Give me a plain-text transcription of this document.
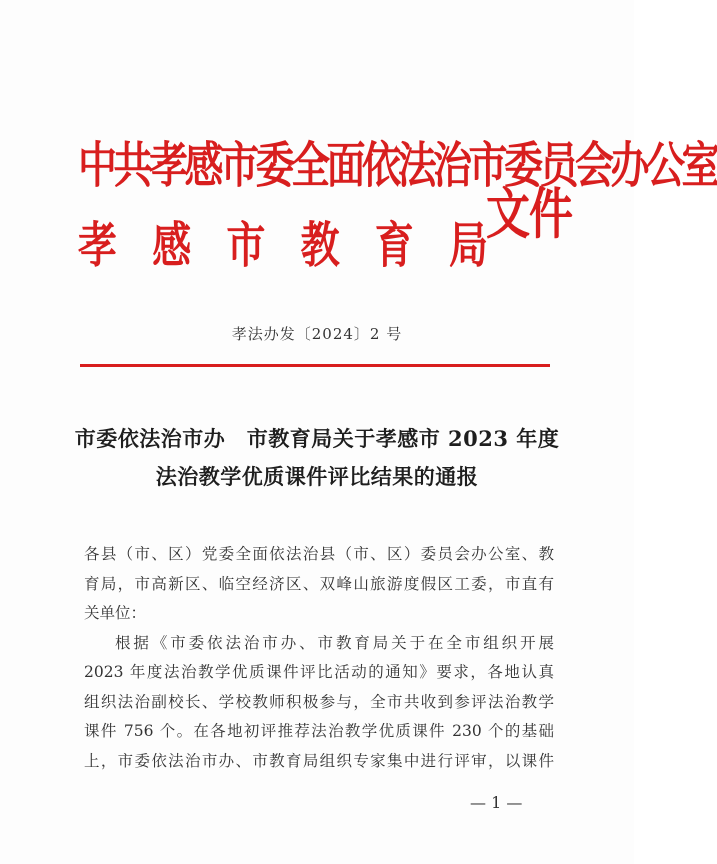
中共孝感市委全面依法治市委员会办公室
孝 感 市 教 育 局
文件
孝法办发〔2024〕2 号
市委依法治市办　市教育局关于孝感市 2023 年度
法治教学优质课件评比结果的通报

各县（市、区）党委全面依法治县（市、区）委员会办公室、教
育局，市高新区、临空经济区、双峰山旅游度假区工委，市直有
关单位：

根据《市委依法治市办、市教育局关于在全市组织开展
2023 年度法治教学优质课件评比活动的通知》要求，各地认真
组织法治副校长、学校教师积极参与，全市共收到参评法治教学
课件 756 个。在各地初评推荐法治教学优质课件 230 个的基础
上，市委依法治市办、市教育局组织专家集中进行评审，以课件

— 1 —
